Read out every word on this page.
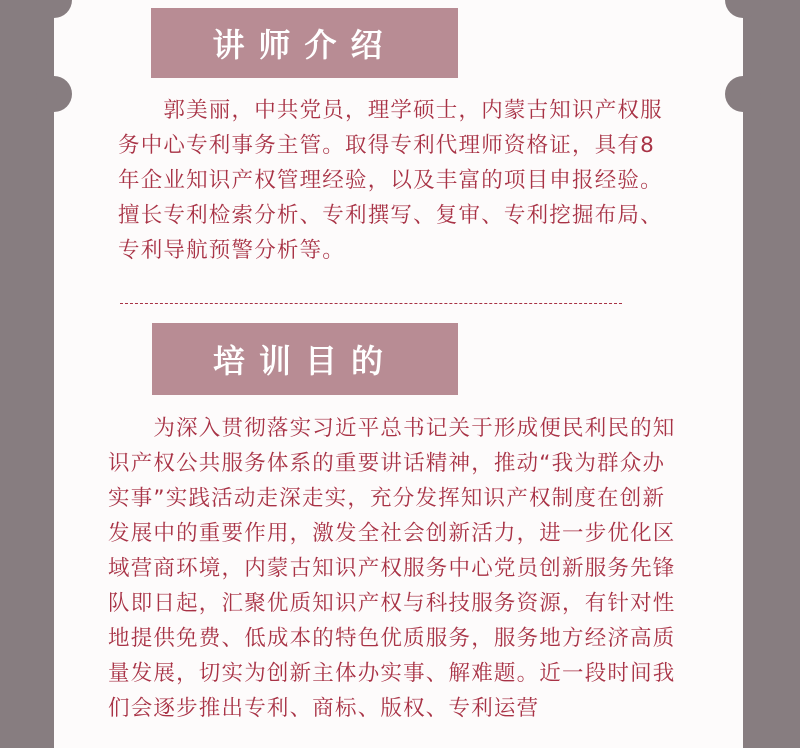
讲师介绍

　　郭美丽，中共党员，理学硕士，内蒙古知识产权服务中心专利事务主管。取得专利代理师资格证，具有8年企业知识产权管理经验，以及丰富的项目申报经验。擅长专利检索分析、专利撰写、复审、专利挖掘布局、专利导航预警分析等。

培训目的

　　为深入贯彻落实习近平总书记关于形成便民利民的知识产权公共服务体系的重要讲话精神，推动“我为群众办实事”实践活动走深走实，充分发挥知识产权制度在创新发展中的重要作用，激发全社会创新活力，进一步优化区域营商环境，内蒙古知识产权服务中心党员创新服务先锋队即日起，汇聚优质知识产权与科技服务资源，有针对性地提供免费、低成本的特色优质服务，服务地方经济高质量发展，切实为创新主体办实事、解难题。近一段时间我们会逐步推出专利、商标、版权、专利运营
